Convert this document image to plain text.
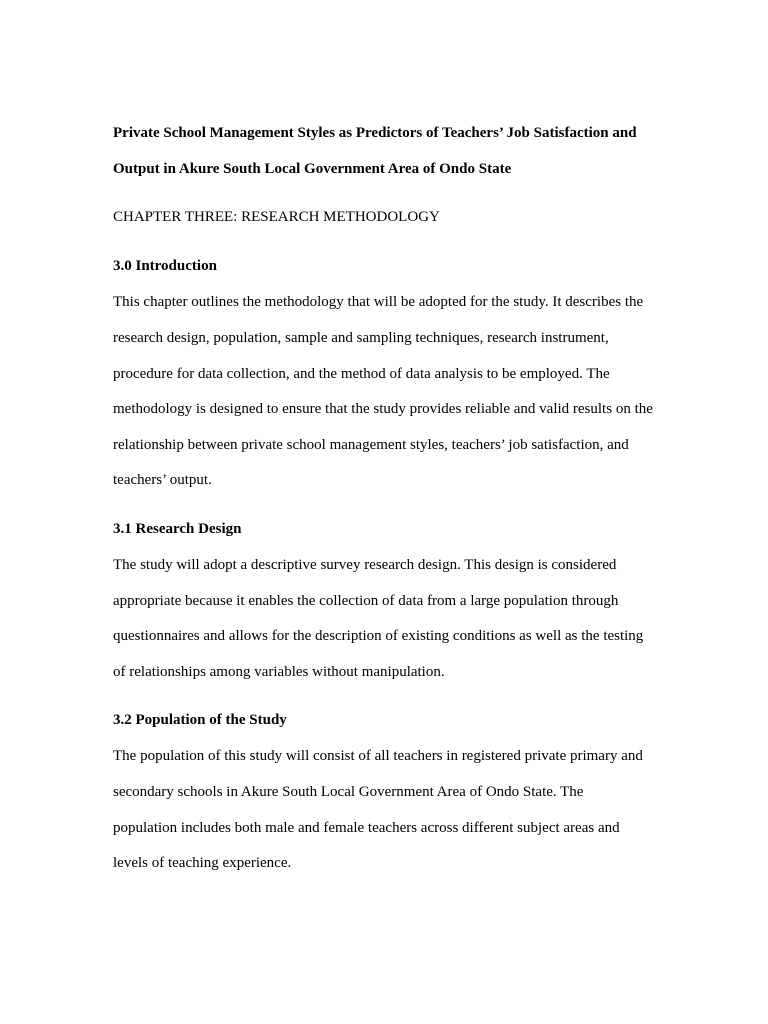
Private School Management Styles as Predictors of Teachers’ Job Satisfaction and
Output in Akure South Local Government Area of Ondo State
CHAPTER THREE: RESEARCH METHODOLOGY
3.0 Introduction
This chapter outlines the methodology that will be adopted for the study. It describes the
research design, population, sample and sampling techniques, research instrument,
procedure for data collection, and the method of data analysis to be employed. The
methodology is designed to ensure that the study provides reliable and valid results on the
relationship between private school management styles, teachers’ job satisfaction, and
teachers’ output.
3.1 Research Design
The study will adopt a descriptive survey research design. This design is considered
appropriate because it enables the collection of data from a large population through
questionnaires and allows for the description of existing conditions as well as the testing
of relationships among variables without manipulation.
3.2 Population of the Study
The population of this study will consist of all teachers in registered private primary and
secondary schools in Akure South Local Government Area of Ondo State. The
population includes both male and female teachers across different subject areas and
levels of teaching experience.
